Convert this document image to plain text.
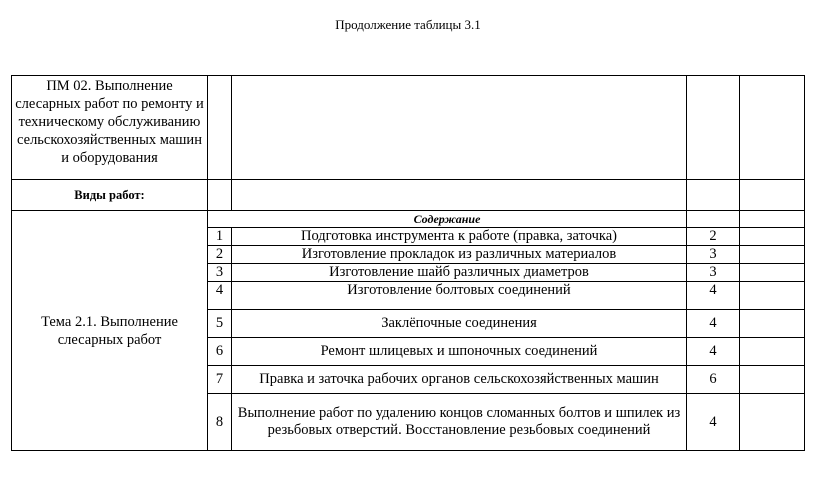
Продолжение таблицы 3.1
ПМ 02. Выполнение слесарных работ по ремонту и техническому обслуживанию сельскохозяйственных машин и оборудования				
Виды работ:				
Тема 2.1. Выполнение слесарных работ	Содержание			
	1	Подготовка инструмента к работе (правка, заточка)	2	
	2	Изготовление прокладок из различных материалов	3	
	3	Изготовление шайб различных диаметров	3	
	4	Изготовление болтовых соединений	4	
	5	Заклёпочные соединения	4	
	6	Ремонт шлицевых и шпоночных соединений	4	
	7	Правка и заточка рабочих органов сельскохозяйственных машин	6	
	8	Выполнение работ по удалению концов сломанных болтов и шпилек из резьбовых отверстий. Восстановление резьбовых соединений	4	
